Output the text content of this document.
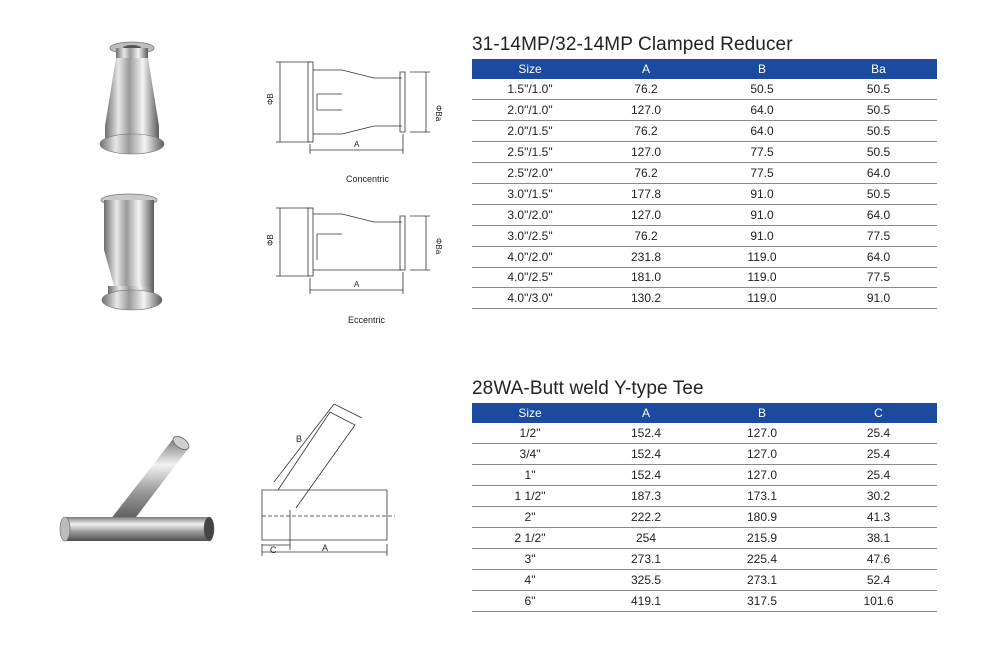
ΦB
ΦBa
A
Concentric
ΦB	ΦBa
A
Eccentric
B
C	A
31-14MP/32-14MP Clamped Reducer
Size	A	B	Ba
1.5"/1.0"	76.2	50.5	50.5
2.0"/1.0"	127.0	64.0	50.5
2.0"/1.5"	76.2	64.0	50.5
2.5"/1.5"	127.0	77.5	50.5
2.5"/2.0"	76.2	77.5	64.0
3.0"/1.5"	177.8	91.0	50.5
3.0"/2.0"	127.0	91.0	64.0
3.0"/2.5"	76.2	91.0	77.5
4.0"/2.0"	231.8	119.0	64.0
4.0"/2.5"	181.0	119.0	77.5
4.0"/3.0"	130.2	119.0	91.0
28WA-Butt weld Y-type Tee
Size	A	B	C
1/2"	152.4	127.0	25.4
3/4"	152.4	127.0	25.4
1"	152.4	127.0	25.4
1 1/2"	187.3	173.1	30.2
2"	222.2	180.9	41.3
2 1/2"	254	215.9	38.1
3"	273.1	225.4	47.6
4"	325.5	273.1	52.4
6"	419.1	317.5	101.6
